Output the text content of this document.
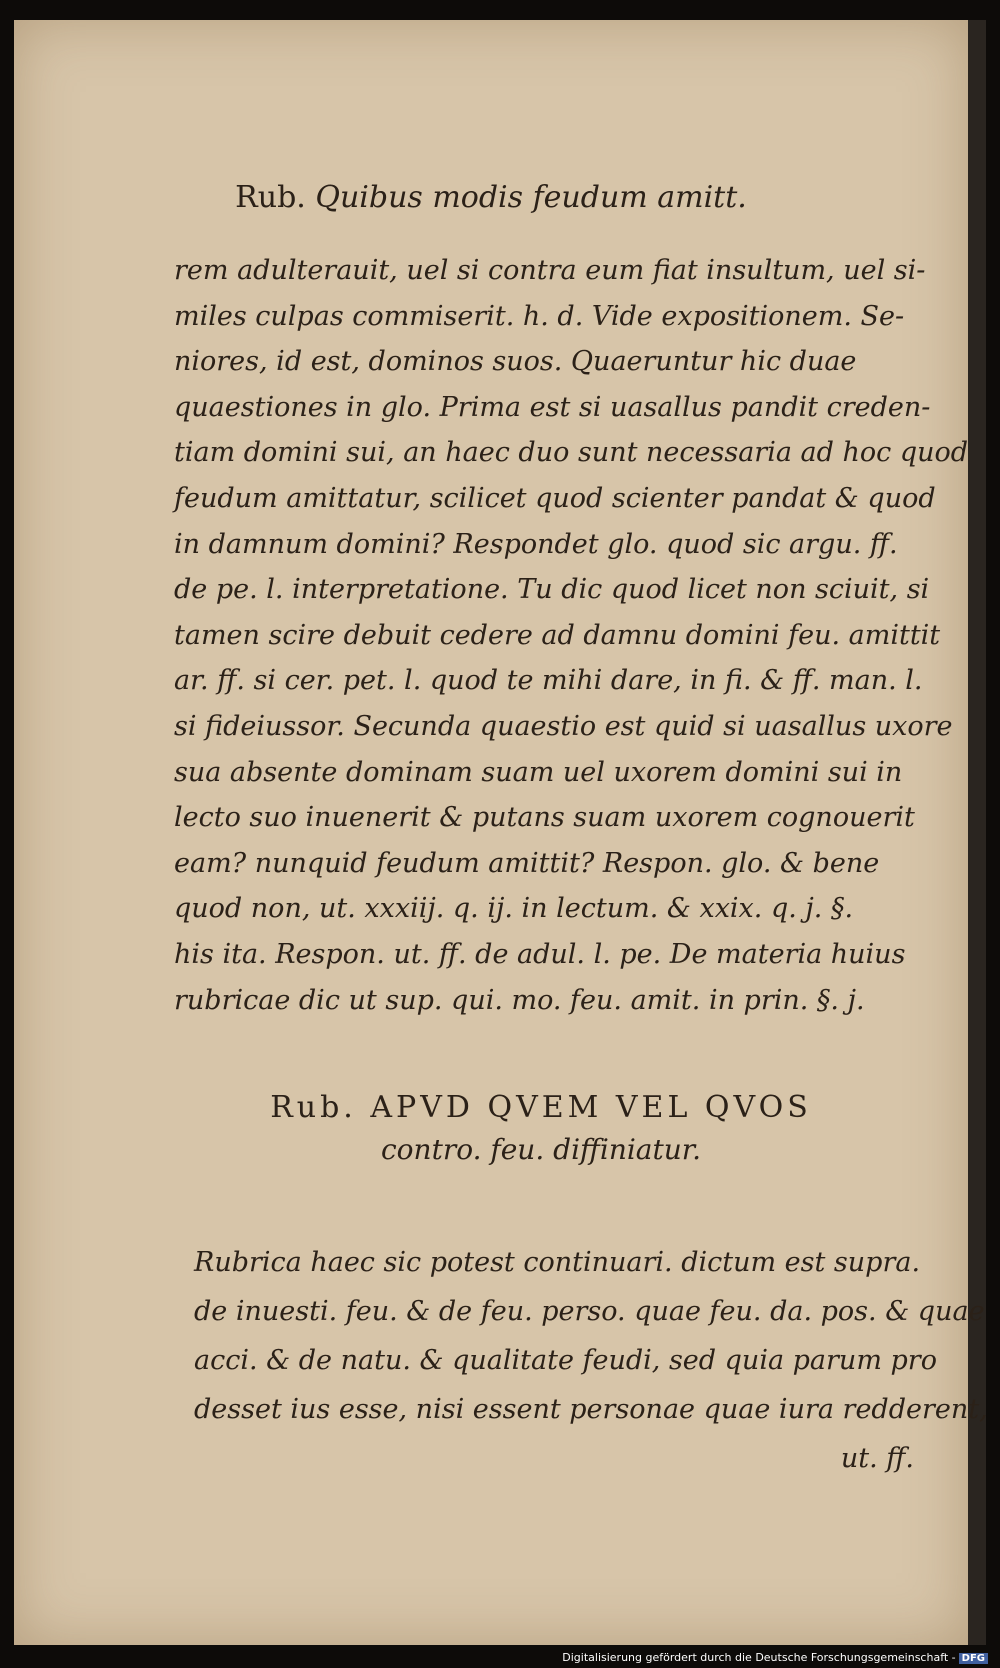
Rub. Quibus modis feudum amitt.
rem adulterauit, uel si contra eum fiat insultum, uel si-
miles culpas commiserit. h. d. Vide expositionem. Se-
niores, id est, dominos suos. Quaeruntur hic duae
quaestiones in glo. Prima est si uasallus pandit creden-
tiam domini sui, an haec duo sunt necessaria ad hoc quod
feudum amittatur, scilicet quod scienter pandat & quod
in damnum domini? Respondet glo. quod sic argu. ff.
de pe. l. interpretatione. Tu dic quod licet non sciuit, si
tamen scire debuit cedere ad damnu domini feu. amittit
ar. ff. si cer. pet. l. quod te mihi dare, in fi. & ff. man. l.
si fideiussor. Secunda quaestio est quid si uasallus uxore
sua absente dominam suam uel uxorem domini sui in
lecto suo inuenerit & putans suam uxorem cognouerit
eam? nunquid feudum amittit? Respon. glo. & bene
quod non, ut. xxxiij. q. ij. in lectum. & xxix. q. j. §.
his ita. Respon. ut. ff. de adul. l. pe. De materia huius
rubricae dic ut sup. qui. mo. feu. amit. in prin. §. j.
Rub. APVD QVEM VEL QVOS
contro. feu. diffiniatur.
Rubrica haec sic potest continuari. dictum est supra.
de inuesti. feu. & de feu. perso. quae feu. da. pos. & quae
acci. & de natu. & qualitate feudi, sed quia parum pro
desset ius esse, nisi essent personae quae iura redderent,
ut. ff.
Digitalisierung gefördert durch die Deutsche Forschungsgemeinschaft - DFG
